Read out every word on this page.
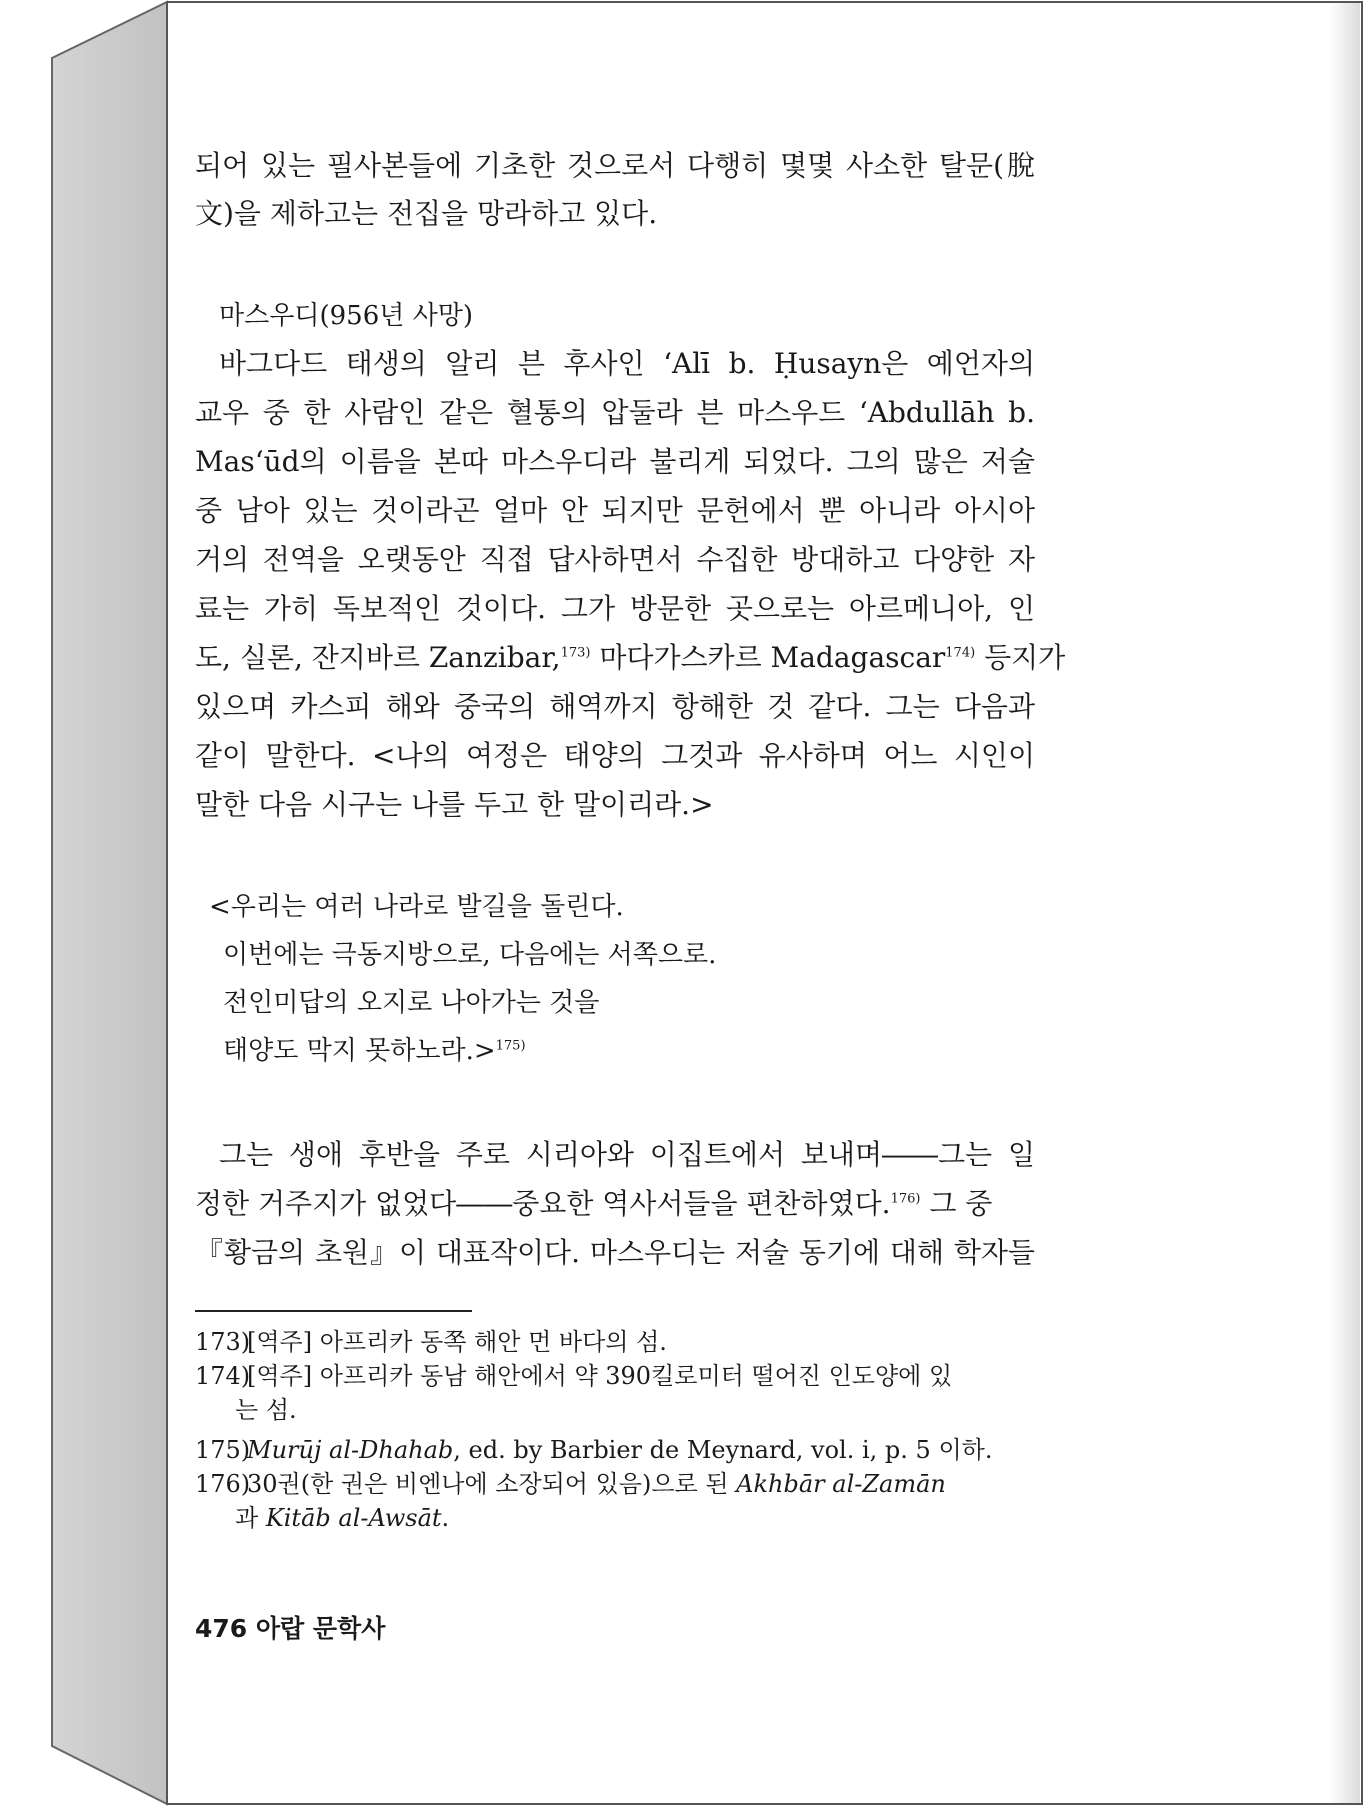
되어 있는 필사본들에 기초한 것으로서 다행히 몇몇 사소한 탈문(脫
文)을 제하고는 전집을 망라하고 있다.
마스우디(956년 사망)
바그다드 태생의 알리 븐 후사인 ‘Alī b. Ḥusayn은 예언자의
교우 중 한 사람인 같은 혈통의 압둘라 븐 마스우드 ‘Abdullāh b.
Mas‘ūd의 이름을 본따 마스우디라 불리게 되었다. 그의 많은 저술
중 남아 있는 것이라곤 얼마 안 되지만 문헌에서 뿐 아니라 아시아
거의 전역을 오랫동안 직접 답사하면서 수집한 방대하고 다양한 자
료는 가히 독보적인 것이다. 그가 방문한 곳으로는 아르메니아, 인
도, 실론, 잔지바르 Zanzibar,$^{173)}$ 마다가스카르 Madagascar$^{174)}$ 등지가
있으며 카스피 해와 중국의 해역까지 항해한 것 같다. 그는 다음과
같이 말한다. <나의 여정은 태양의 그것과 유사하며 어느 시인이
말한 다음 시구는 나를 두고 한 말이리라.>
<우리는 여러 나라로 발길을 돌린다.
이번에는 극동지방으로, 다음에는 서쪽으로.
전인미답의 오지로 나아가는 것을
태양도 막지 못하노라.>$^{175)}$
그는 생애 후반을 주로 시리아와 이집트에서 보내며――그는 일
정한 거주지가 없었다――중요한 역사서들을 편찬하였다.$^{176)}$ 그 중
『황금의 초원』이 대표작이다. 마스우디는 저술 동기에 대해 학자들
173)[역주] 아프리카 동쪽 해안 먼 바다의 섬.
174)[역주] 아프리카 동남 해안에서 약 390킬로미터 떨어진 인도양에 있
는 섬.
175)Murūj al-Dhahab, ed. by Barbier de Meynard, vol. i, p. 5 이하.
176)30권(한 권은 비엔나에 소장되어 있음)으로 된 Akhbār al-Zamān
과 Kitāb al-Awsāt.
476 아랍 문학사
